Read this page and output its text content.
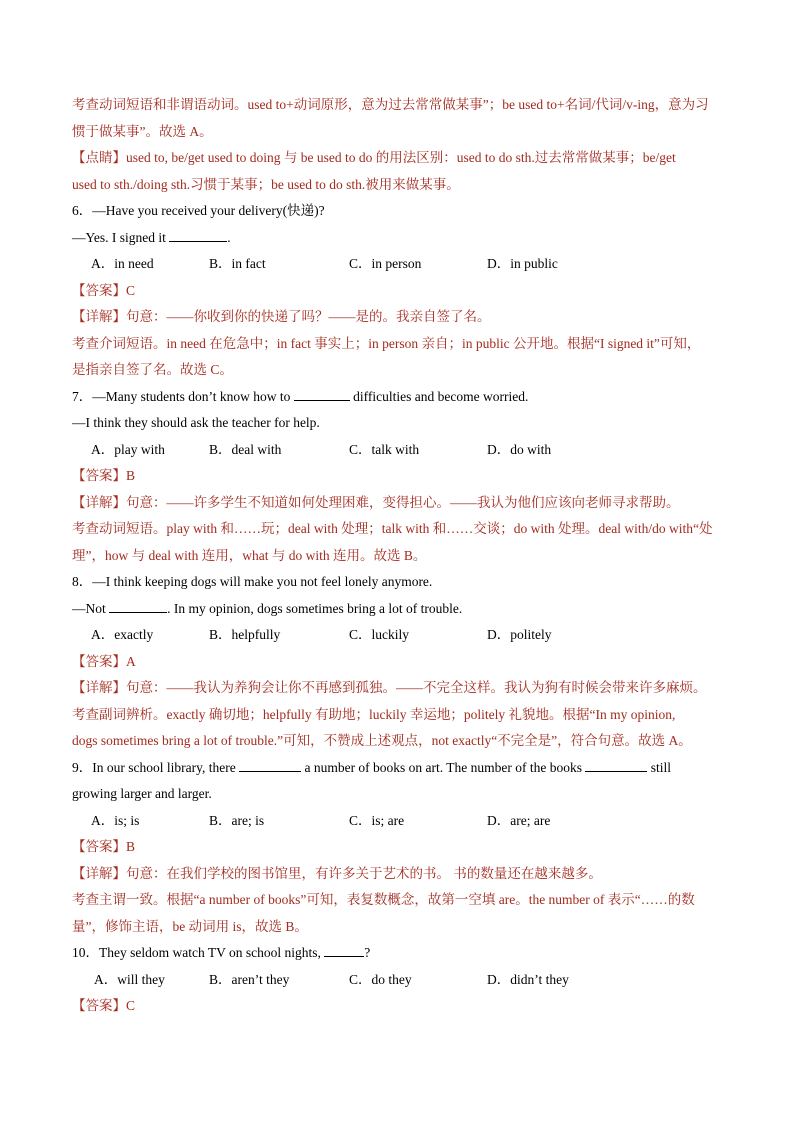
考查动词短语和非谓语动词。used to+动词原形，意为过去常常做某事”；be used to+名词/代词/v-ing，意为习
惯于做某事”。故选 A。
【点睛】used to, be/get used to doing 与 be used to do 的用法区别：used to do sth.过去常常做某事；be/get
used to sth./doing sth.习惯于某事；be used to do sth.被用来做某事。
6．—Have you received your delivery(快递)?
—Yes. I signed it	.
A．in need	B．in fact	C．in person	D．in public
【答案】C
【详解】句意：——你收到你的快递了吗？——是的。我亲自签了名。
考查介词短语。in need 在危急中；in fact 事实上；in person 亲自；in public 公开地。根据“I signed it”可知，
是指亲自签了名。故选 C。
7．—Many students don’t know how to	difficulties and become worried.
—I think they should ask the teacher for help.
A．play with	B．deal with	C．talk with	D．do with
【答案】B
【详解】句意：——许多学生不知道如何处理困难，变得担心。——我认为他们应该向老师寻求帮助。
考查动词短语。play with 和……玩；deal with 处理；talk with 和……交谈；do with 处理。deal with/do with“处
理”，how 与 deal with 连用，what 与 do with 连用。故选 B。
8．—I think keeping dogs will make you not feel lonely anymore.
—Not	. In my opinion, dogs sometimes bring a lot of trouble.
A．exactly	B．helpfully	C．luckily	D．politely
【答案】A
【详解】句意：——我认为养狗会让你不再感到孤独。——不完全这样。我认为狗有时候会带来许多麻烦。
考查副词辨析。exactly 确切地；helpfully 有助地；luckily 幸运地；politely 礼貌地。根据“In my opinion,
dogs sometimes bring a lot of trouble.”可知，不赞成上述观点，not exactly“不完全是”，符合句意。故选 A。
9．In our school library, there	a number of books on art. The number of the books	still
growing larger and larger.
A．is; is	B．are; is	C．is; are	D．are; are
【答案】B
【详解】句意：在我们学校的图书馆里，有许多关于艺术的书。 书的数量还在越来越多。
考查主谓一致。根据“a number of books”可知，表复数概念，故第一空填 are。the number of 表示“……的数
量”，修饰主语，be 动词用 is，故选 B。
10．They seldom watch TV on school nights,	?
A．will they	B．aren’t they	C．do they	D．didn’t they
【答案】C
